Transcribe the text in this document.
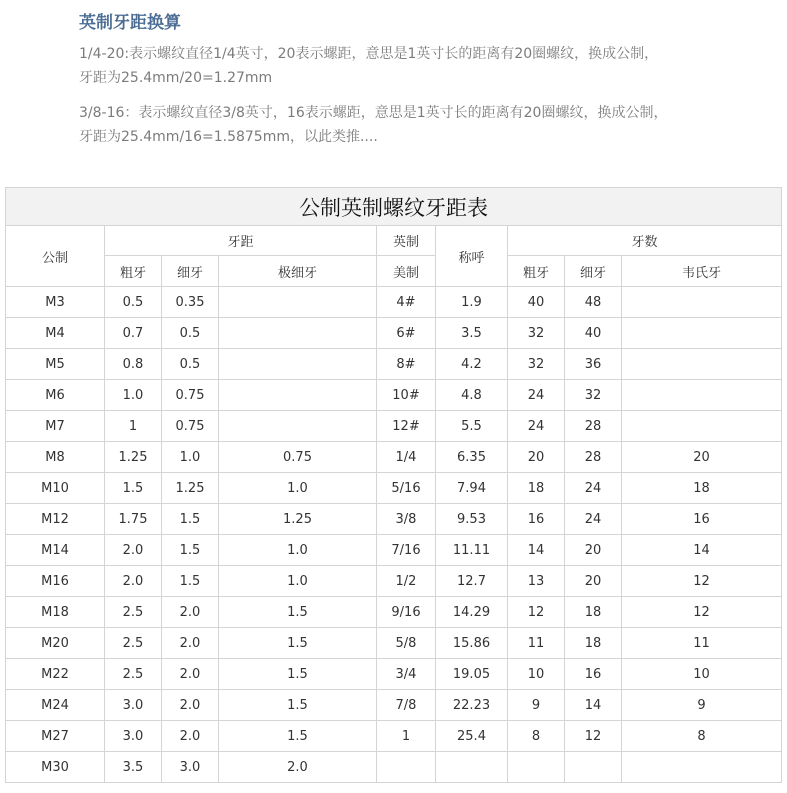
英制牙距换算
1/4-20:表示螺纹直径1/4英寸，20表示螺距，意思是1英寸长的距离有20圈螺纹，换成公制，
牙距为25.4mm/20=1.27mm
3/8-16：表示螺纹直径3/8英寸，16表示螺距，意思是1英寸长的距离有20圈螺纹，换成公制，
牙距为25.4mm/16=1.5875mm，以此类推....
公制英制螺纹牙距表								
公制	牙距			英制	称呼	牙数		
	粗牙	细牙	极细牙	美制		粗牙	细牙	韦氏牙
M3	0.5	0.35		4#	1.9	40	48	
M4	0.7	0.5		6#	3.5	32	40	
M5	0.8	0.5		8#	4.2	32	36	
M6	1.0	0.75		10#	4.8	24	32	
M7	1	0.75		12#	5.5	24	28	
M8	1.25	1.0	0.75	1/4	6.35	20	28	20
M10	1.5	1.25	1.0	5/16	7.94	18	24	18
M12	1.75	1.5	1.25	3/8	9.53	16	24	16
M14	2.0	1.5	1.0	7/16	11.11	14	20	14
M16	2.0	1.5	1.0	1/2	12.7	13	20	12
M18	2.5	2.0	1.5	9/16	14.29	12	18	12
M20	2.5	2.0	1.5	5/8	15.86	11	18	11
M22	2.5	2.0	1.5	3/4	19.05	10	16	10
M24	3.0	2.0	1.5	7/8	22.23	9	14	9
M27	3.0	2.0	1.5	1	25.4	8	12	8
M30	3.5	3.0	2.0					
